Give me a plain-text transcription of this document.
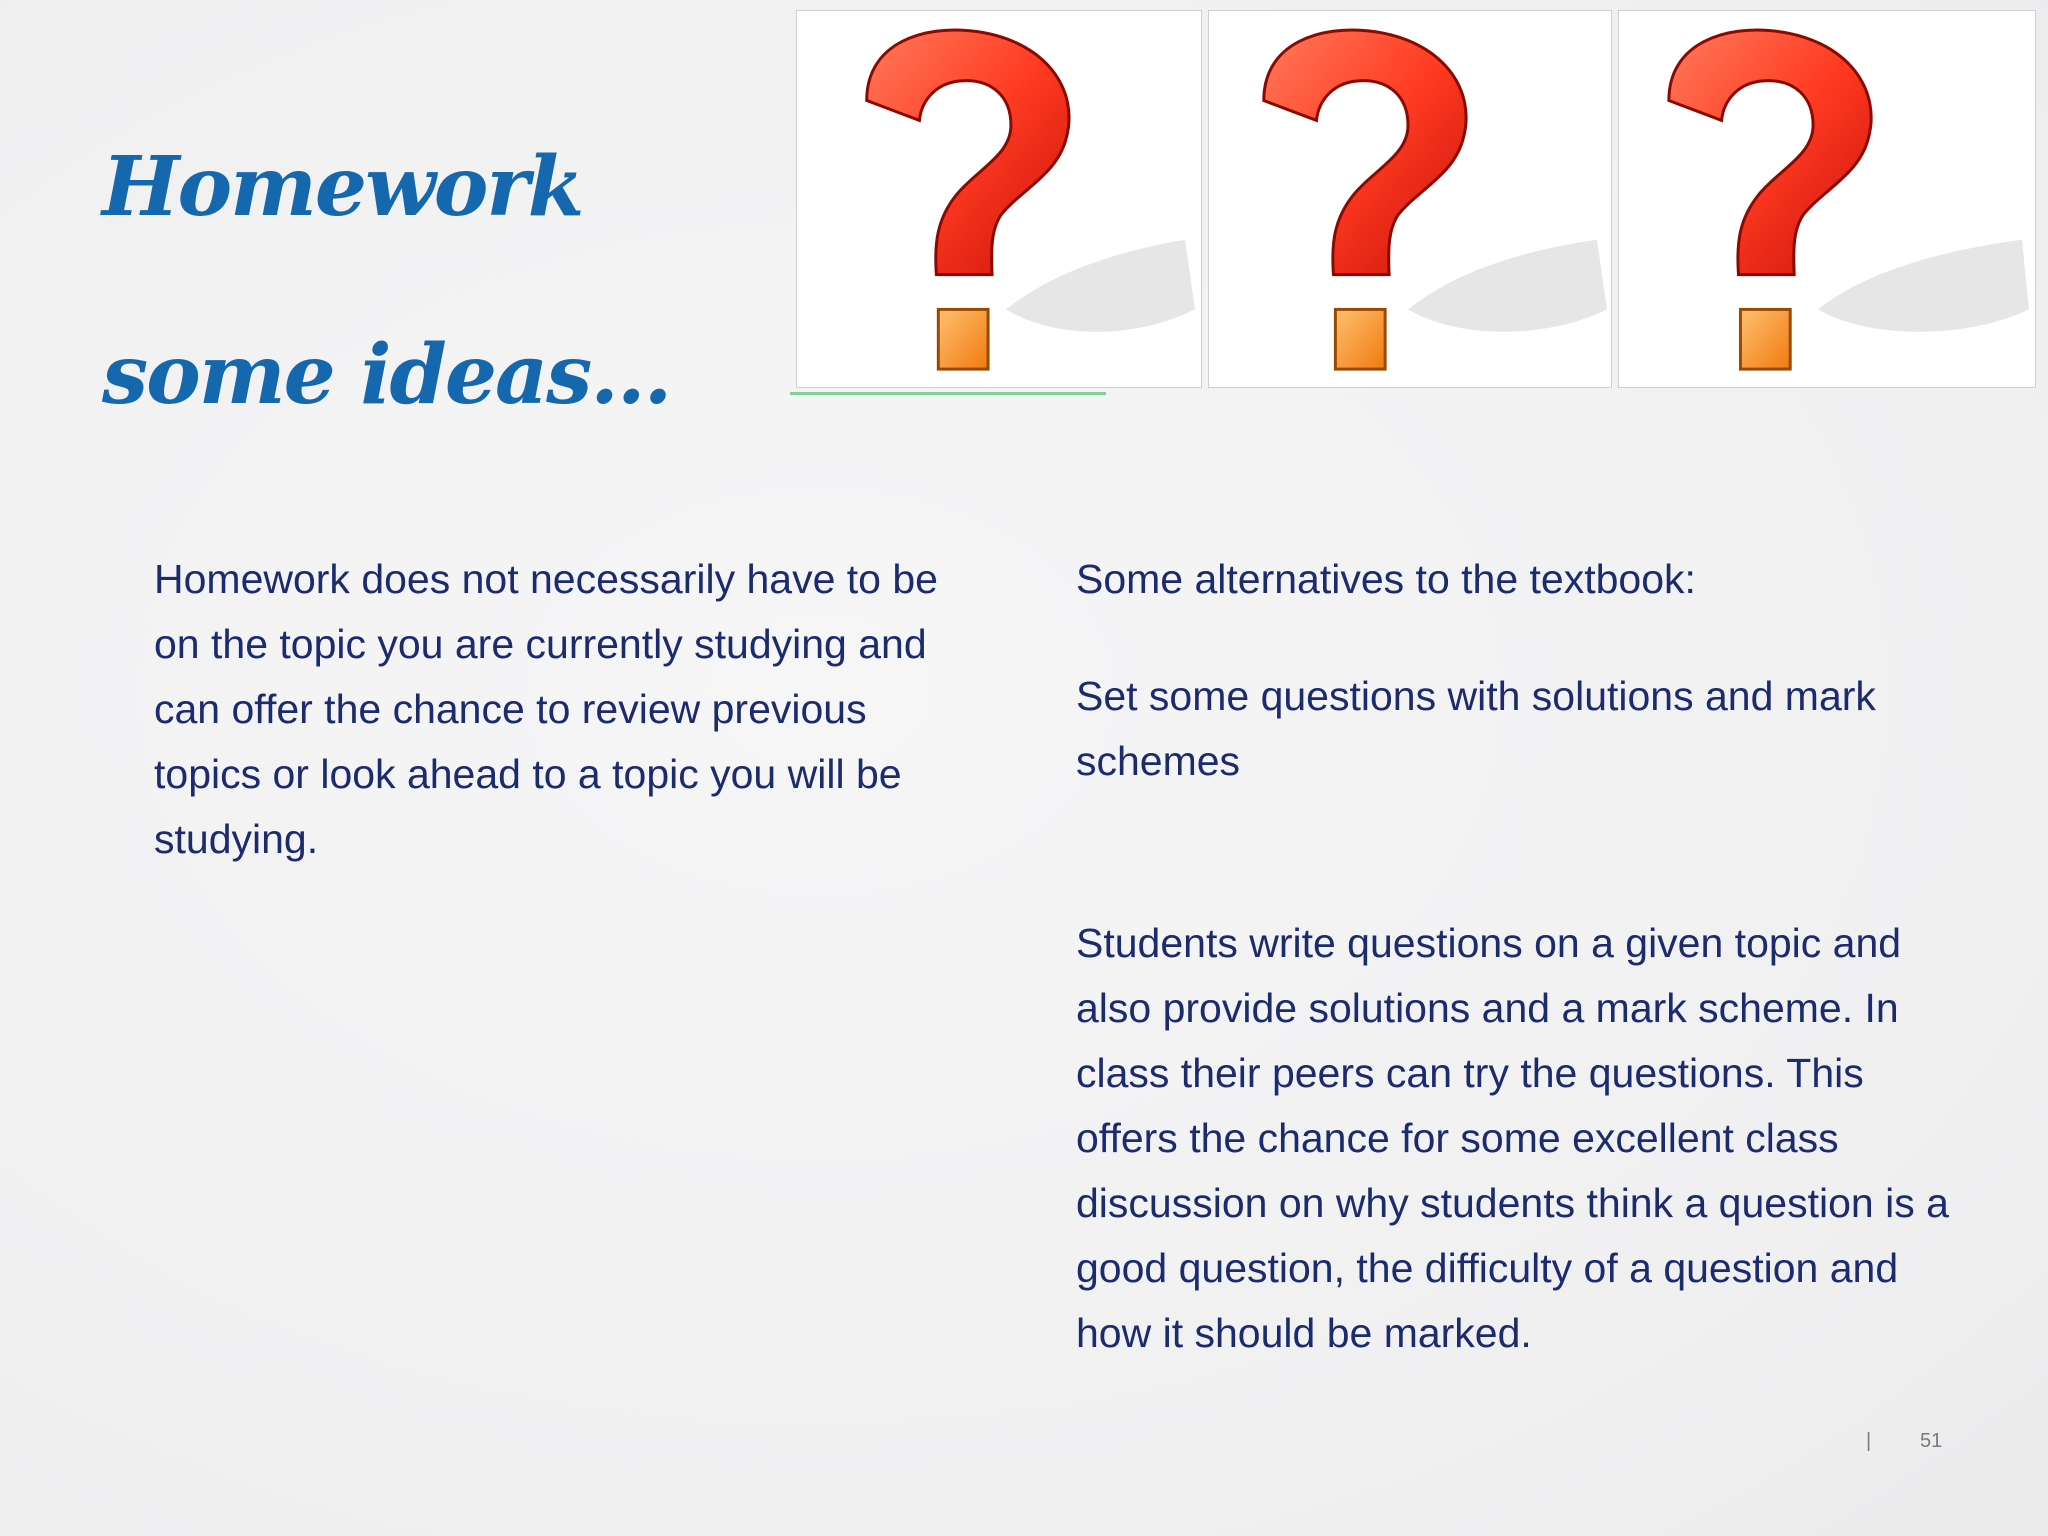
Homework
some ideas…
Homework does not necessarily have to be on the topic you are currently studying and can offer the chance to review previous topics or look ahead to a topic you will be studying.
Some alternatives to the textbook:
Set some questions with solutions and mark schemes
Students write questions on a given topic and also provide solutions and a mark scheme. In class their peers can try the questions. This offers the chance for some excellent class discussion on why students think a question is a good question, the difficulty of a question and how it should be marked.
| 51
